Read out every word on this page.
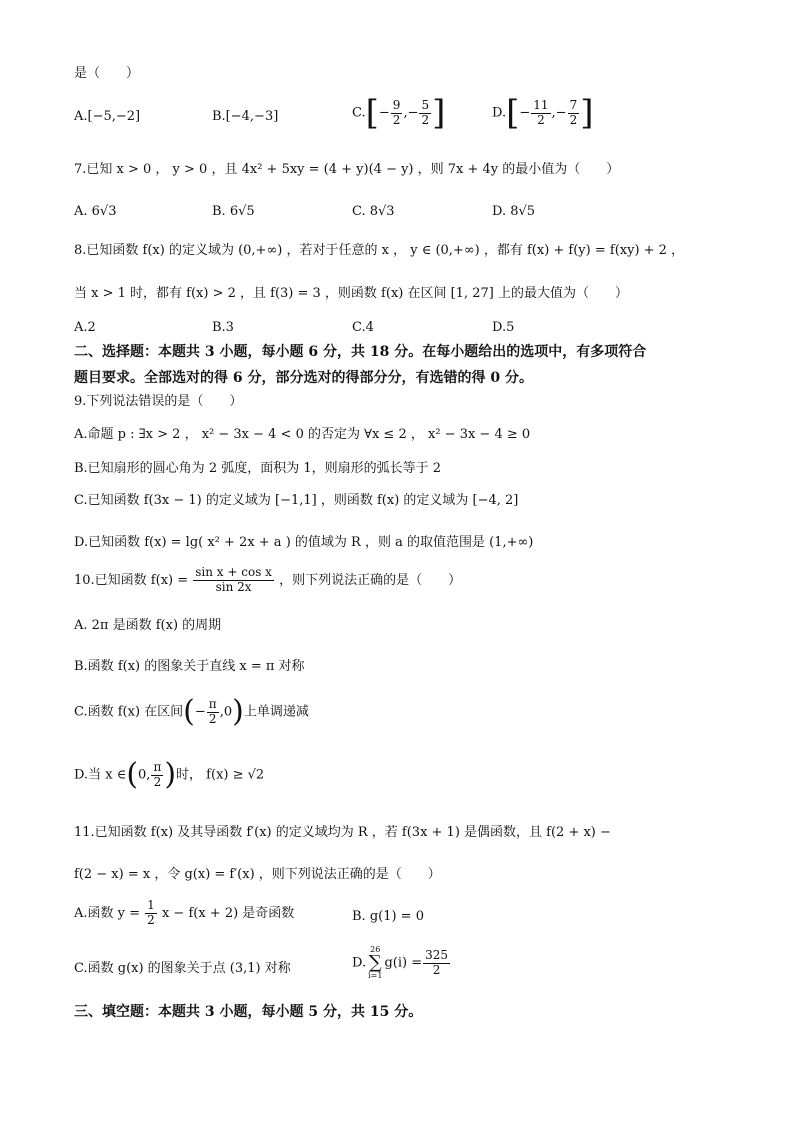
是（　　）
A.[−5,−2]	B.[−4,−3]	$C.[- \frac{9}{2}$ ,− $\frac{5}{2}$ ]	$D.[- \frac{11}{2}$ ,− $\frac{7}{2}$ ]
7.已知 x > 0 ， y > 0 ，且 4x² + 5xy = (4 + y)(4 − y) ，则 7x + 4y 的最小值为（　　）
A. 6√3	B. 6√5	C. 8√3	D. 8√5
8.已知函数 f(x) 的定义域为 (0,+∞) ，若对于任意的 x ， y ∈ (0,+∞) ，都有 f(x) + f(y) = f(xy) + 2 ，
当 x > 1 时，都有 f(x) > 2 ，且 f(3) = 3 ，则函数 f(x) 在区间 [1, 27] 上的最大值为（　　）
A.2	B.3	C.4	D.5
二、选择题：本题共 3 小题，每小题 6 分，共 18 分。在每小题给出的选项中，有多项符合
题目要求。全部选对的得 6 分，部分选对的得部分分，有选错的得 0 分。
9.下列说法错误的是（　　）
A.命题 p : ∃x > 2 ， x² − 3x − 4 < 0 的否定为 ∀x ≤ 2 ， x² − 3x − 4 ≥ 0
B.已知扇形的圆心角为 2 弧度，面积为 1，则扇形的弧长等于 2
C.已知函数 f(3x − 1) 的定义域为 [−1,1] ，则函数 f(x) 的定义域为 [−4, 2]
D.已知函数 f(x) = lg( x² + 2x + a ) 的值域为 R ，则 a 的取值范围是 (1,+∞)
10.已知函数 $f(x) = \frac{\text{sin x + cos x}}{\sin 2x}$ ，则下列说法正确的是（　　）
A. 2π 是函数 f(x) 的周期
B.函数 f(x) 的图象关于直线 x = π 对称
C.函数 f(x) 在区间(− $\frac{\pi}{2} ,0$)上单调递减
D.当 x ∈(0, $\frac{\pi}{2}$ )时， f(x) ≥ √2
11.已知函数 f(x) 及其导函数 f′(x) 的定义域均为 R ，若 f(3x + 1) 是偶函数，且 f(2 + x) −
f(2 − x) = x ，令 g(x) = f′(x) ，则下列说法正确的是（　　）
A.函数 $y = \frac{1}{2}$ x − f(x + 2) 是奇函数	B. g(1) = 0
C.函数 g(x) 的图象关于点 (3,1) 对称	D.
26
∑
i=1
$g(i) = \frac{325}{2}$
三、填空题：本题共 3 小题，每小题 5 分，共 15 分。
